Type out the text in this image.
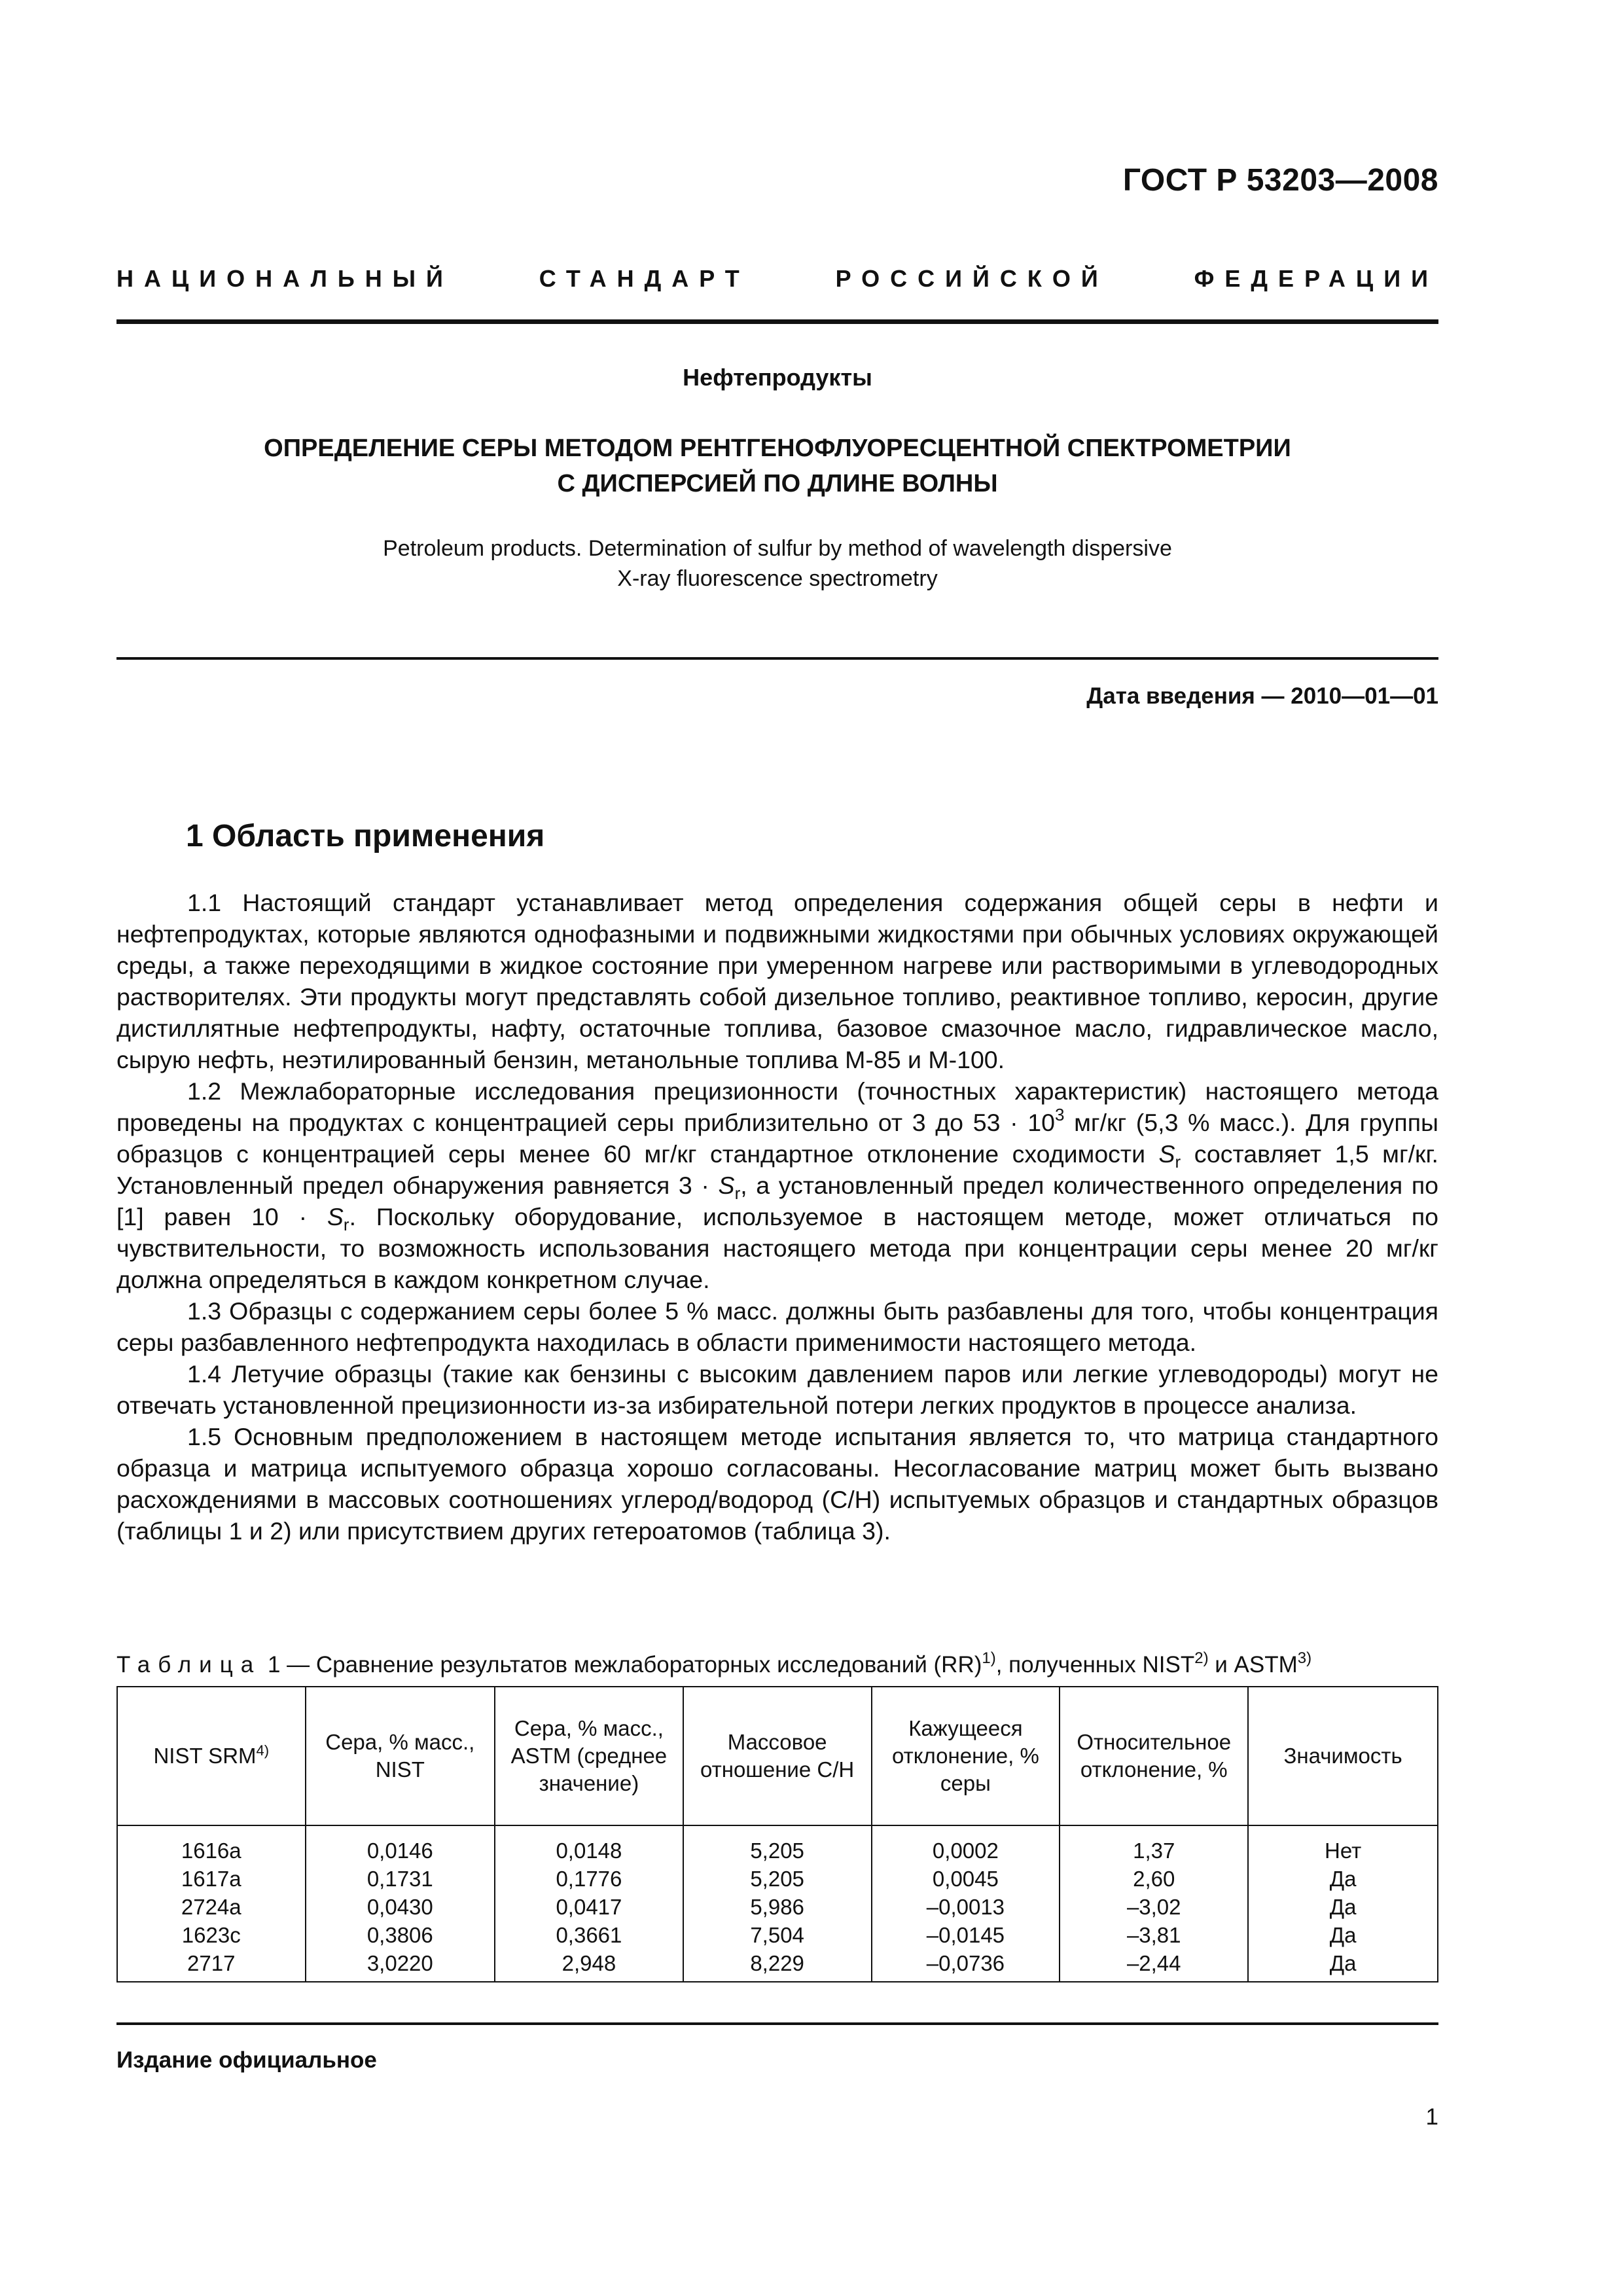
ГОСТ Р 53203—2008
НАЦИОНАЛЬНЫЙ	СТАНДАРТ	РОССИЙСКОЙ	ФЕДЕРАЦИИ
Нефтепродукты
ОПРЕДЕЛЕНИЕ СЕРЫ МЕТОДОМ РЕНТГЕНОФЛУОРЕСЦЕНТНОЙ СПЕКТРОМЕТРИИ
С ДИСПЕРСИЕЙ ПО ДЛИНЕ ВОЛНЫ
Petroleum products. Determination of sulfur by method of wavelength dispersive
X-ray fluorescence spectrometry
Дата введения — 2010—01—01
1 Область применения

1.1 Настоящий стандарт устанавливает метод определения содержания общей серы в нефти и нефтепродуктах, которые являются однофазными и подвижными жидкостями при обычных условиях окружающей среды, а также переходящими в жидкое состояние при умеренном нагреве или растворимыми в углеводородных растворителях. Эти продукты могут представлять собой дизельное топливо, реактивное топливо, керосин, другие дистиллятные нефтепродукты, нафту, остаточные топлива, базовое смазочное масло, гидравлическое масло, сырую нефть, неэтилированный бензин, метанольные топлива М-85 и М-100.

1.2 Межлабораторные исследования прецизионности (точностных характеристик) настоящего метода проведены на продуктах с концентрацией серы приблизительно от 3 до $53 \cdot 10^3$ мг/кг (5,3 % масс.). Для группы образцов с концентрацией серы менее 60 мг/кг стандартное отклонение сходимости $S_r$ составляет 1,5 мг/кг. Установленный предел обнаружения равняется $3 \cdot S_r$, а установленный предел количественного определения по [1] равен $10 \cdot S_r$. Поскольку оборудование, используемое в настоящем методе, может отличаться по чувствительности, то возможность использования настоящего метода при концентрации серы менее 20 мг/кг должна определяться в каждом конкретном случае.

1.3 Образцы с содержанием серы более 5 % масс. должны быть разбавлены для того, чтобы концентрация серы разбавленного нефтепродукта находилась в области применимости настоящего метода.

1.4 Летучие образцы (такие как бензины с высоким давлением паров или легкие углеводороды) могут не отвечать установленной прецизионности из-за избирательной потери легких продуктов в процессе анализа.

1.5 Основным предположением в настоящем методе испытания является то, что матрица стандартного образца и матрица испытуемого образца хорошо согласованы. Несогласование матриц может быть вызвано расхождениями в массовых соотношениях углерод/водород (С/Н) испытуемых образцов и стандартных образцов (таблицы 1 и 2) или присутствием других гетероатомов (таблица 3).

Таблица 1 — Сравнение результатов межлабораторных исследований (RR)$^{1)}$, полученных NIST$^{2)}$ и ASTM$^{3)}$
NIST SRM$^{4)}$	Сера, % масс., NIST	Сера, % масс., ASTM (среднее значение)	Массовое отношение С/Н	Кажущееся отклонение, % серы	Относительное отклонение, %	Значимость
1616a	0,0146	0,0148	5,205	0,0002	1,37	Нет
1617a	0,1731	0,1776	5,205	0,0045	2,60	Да
2724a	0,0430	0,0417	5,986	–0,0013	–3,02	Да
1623c	0,3806	0,3661	7,504	–0,0145	–3,81	Да
2717	3,0220	2,948	8,229	–0,0736	–2,44	Да
Издание официальное
1
